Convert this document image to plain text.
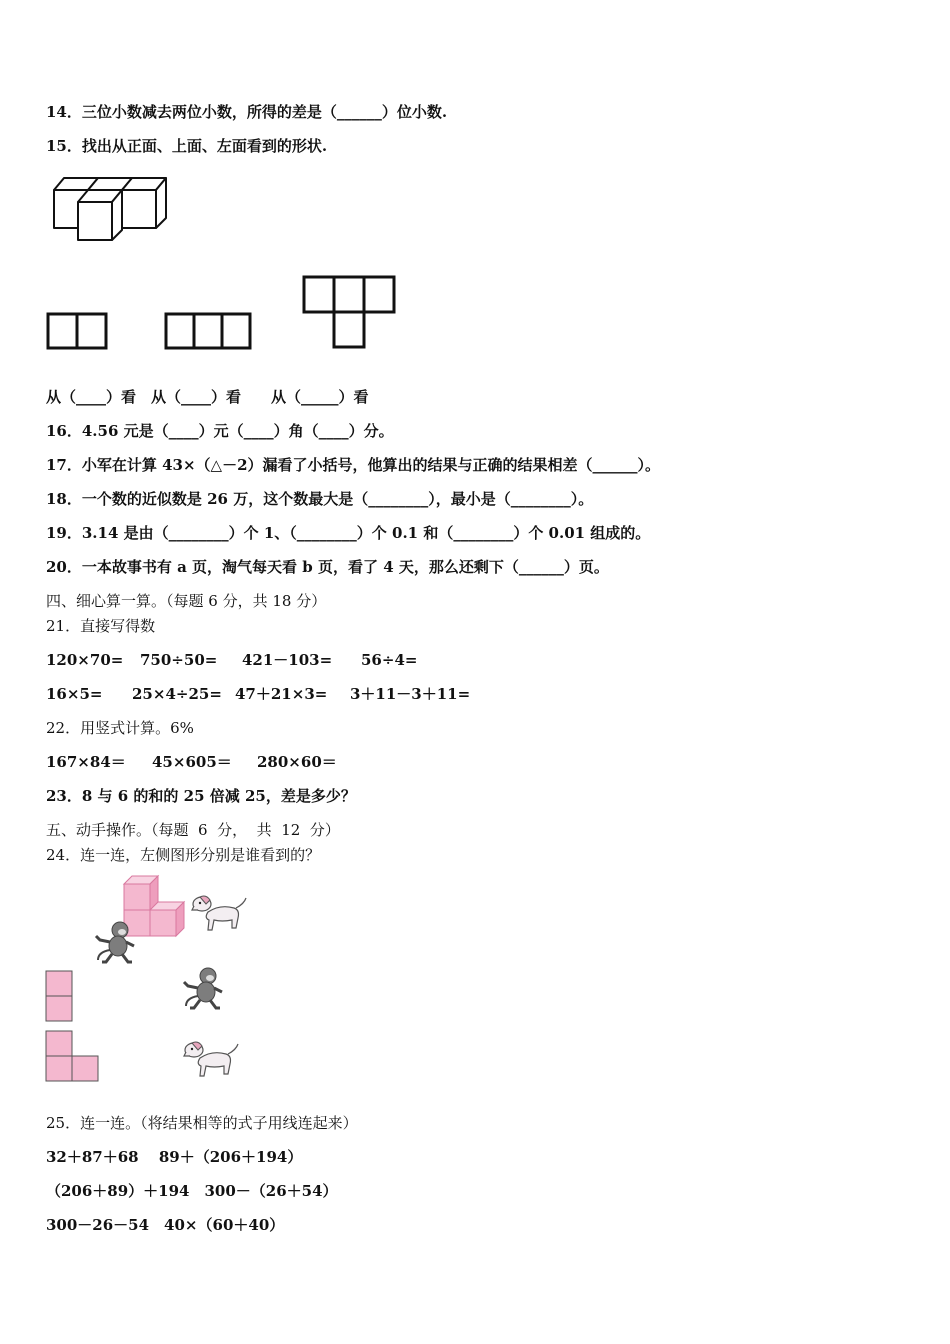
14．三位小数减去两位小数，所得的差是（______）位小数.
15．找出从正面、上面、左面看到的形状.
从（____）看　从（____）看　　从（_____）看
16．4.56 元是（____）元（____）角（____）分。
17．小军在计算 43×（△－2）漏看了小括号，他算出的结果与正确的结果相差（______）。
18．一个数的近似数是 26 万，这个数最大是（________），最小是（________）。
19．3.14 是由（________）个 1、（________）个 0.1 和（________）个 0.01 组成的。
20．一本故事书有 a 页，淘气每天看 b 页，看了 4 天，那么还剩下（______）页。
四、细心算一算。（每题 6 分，共 18 分）
21．直接写得数
120×70= 750÷50= 421－103= 56÷4=
16×5= 25×4÷25= 47＋21×3= 3＋11－3＋11=
22．用竖式计算。6%
167×84＝ 45×605＝ 280×60＝
23．8 与 6 的和的 25 倍减 25，差是多少？
五、动手操作。（每题  6  分，  共  12  分）
24．连一连，左侧图形分别是谁看到的？
25．连一连。（将结果相等的式子用线连起来）
32＋87＋68　 89＋（206＋194）
（206＋89）＋194　300－（26＋54）
300－26－54　40×（60＋40）
